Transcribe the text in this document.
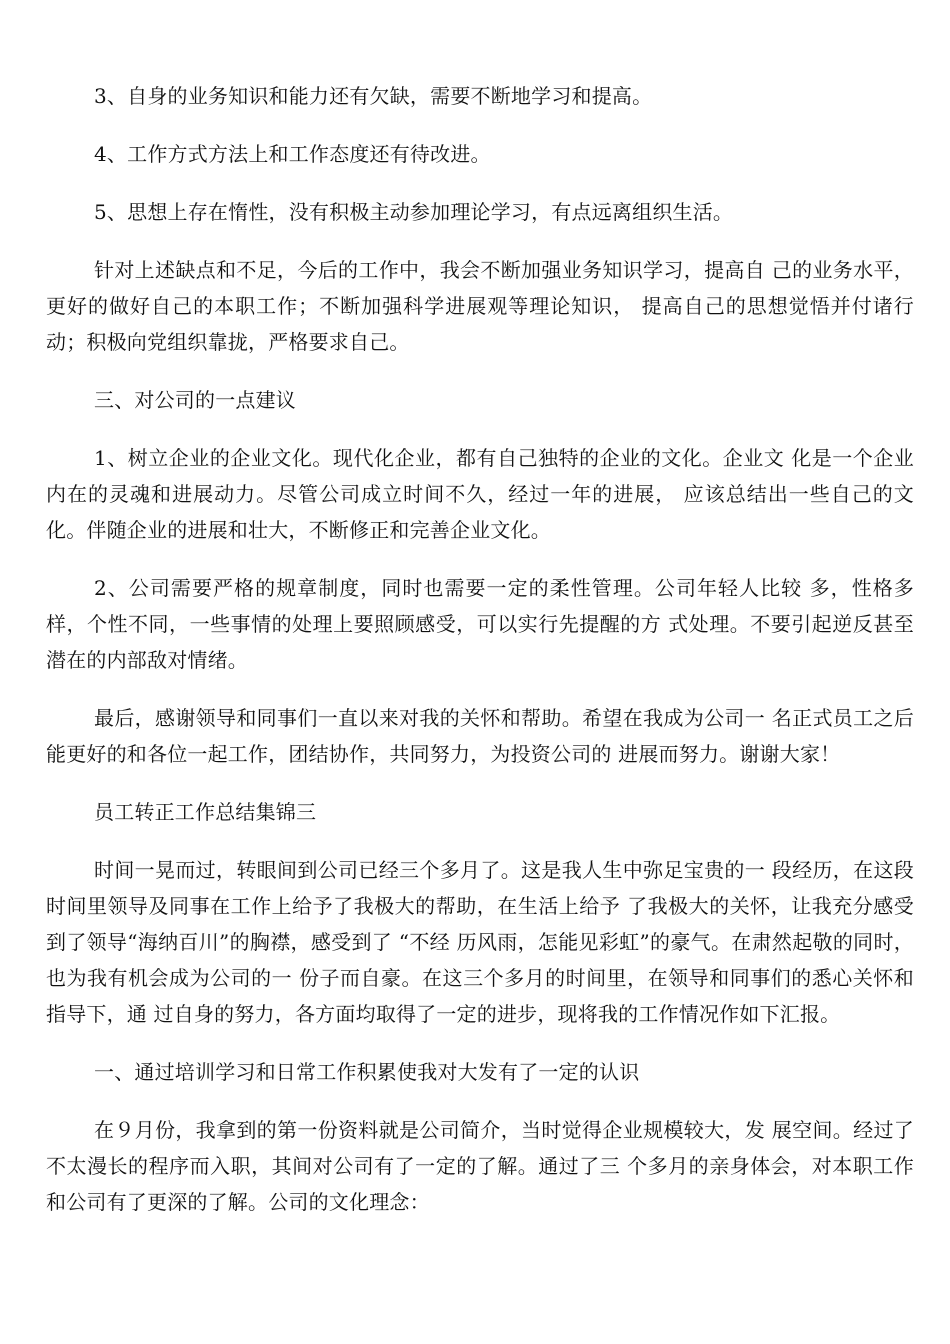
3、自身的业务知识和能力还有欠缺，需要不断地学习和提高。

4、工作方式方法上和工作态度还有待改进。

5、思想上存在惰性，没有积极主动参加理论学习，有点远离组织生活。

针对上述缺点和不足，今后的工作中，我会不断加强业务知识学习，提高自 己的业务水平，更好的做好自己的本职工作；不断加强科学进展观等理论知识， 提高自己的思想觉悟并付诸行动；积极向党组织靠拢，严格要求自己。

三、对公司的一点建议

1、树立企业的企业文化。现代化企业，都有自己独特的企业的文化。企业文 化是一个企业内在的灵魂和进展动力。尽管公司成立时间不久，经过一年的进展， 应该总结出一些自己的文化。伴随企业的进展和壮大，不断修正和完善企业文化。

2、公司需要严格的规章制度，同时也需要一定的柔性管理。公司年轻人比较 多，性格多样，个性不同，一些事情的处理上要照顾感受，可以实行先提醒的方 式处理。不要引起逆反甚至潜在的内部敌对情绪。

最后，感谢领导和同事们一直以来对我的关怀和帮助。希望在我成为公司一 名正式员工之后能更好的和各位一起工作，团结协作，共同努力，为投资公司的 进展而努力。谢谢大家！

员工转正工作总结集锦三

时间一晃而过，转眼间到公司已经三个多月了。这是我人生中弥足宝贵的一 段经历，在这段时间里领导及同事在工作上给予了我极大的帮助，在生活上给予 了我极大的关怀，让我充分感受到了领导“海纳百川”的胸襟，感受到了 “不经 历风雨，怎能见彩虹”的豪气。在肃然起敬的同时，也为我有机会成为公司的一 份子而自豪。在这三个多月的时间里，在领导和同事们的悉心关怀和指导下，通 过自身的努力，各方面均取得了一定的进步，现将我的工作情况作如下汇报。

一、通过培训学习和日常工作积累使我对大发有了一定的认识

在９月份，我拿到的第一份资料就是公司简介，当时觉得企业规模较大，发 展空间。经过了不太漫长的程序而入职，其间对公司有了一定的了解。通过了三 个多月的亲身体会，对本职工作和公司有了更深的了解。公司的文化理念：
